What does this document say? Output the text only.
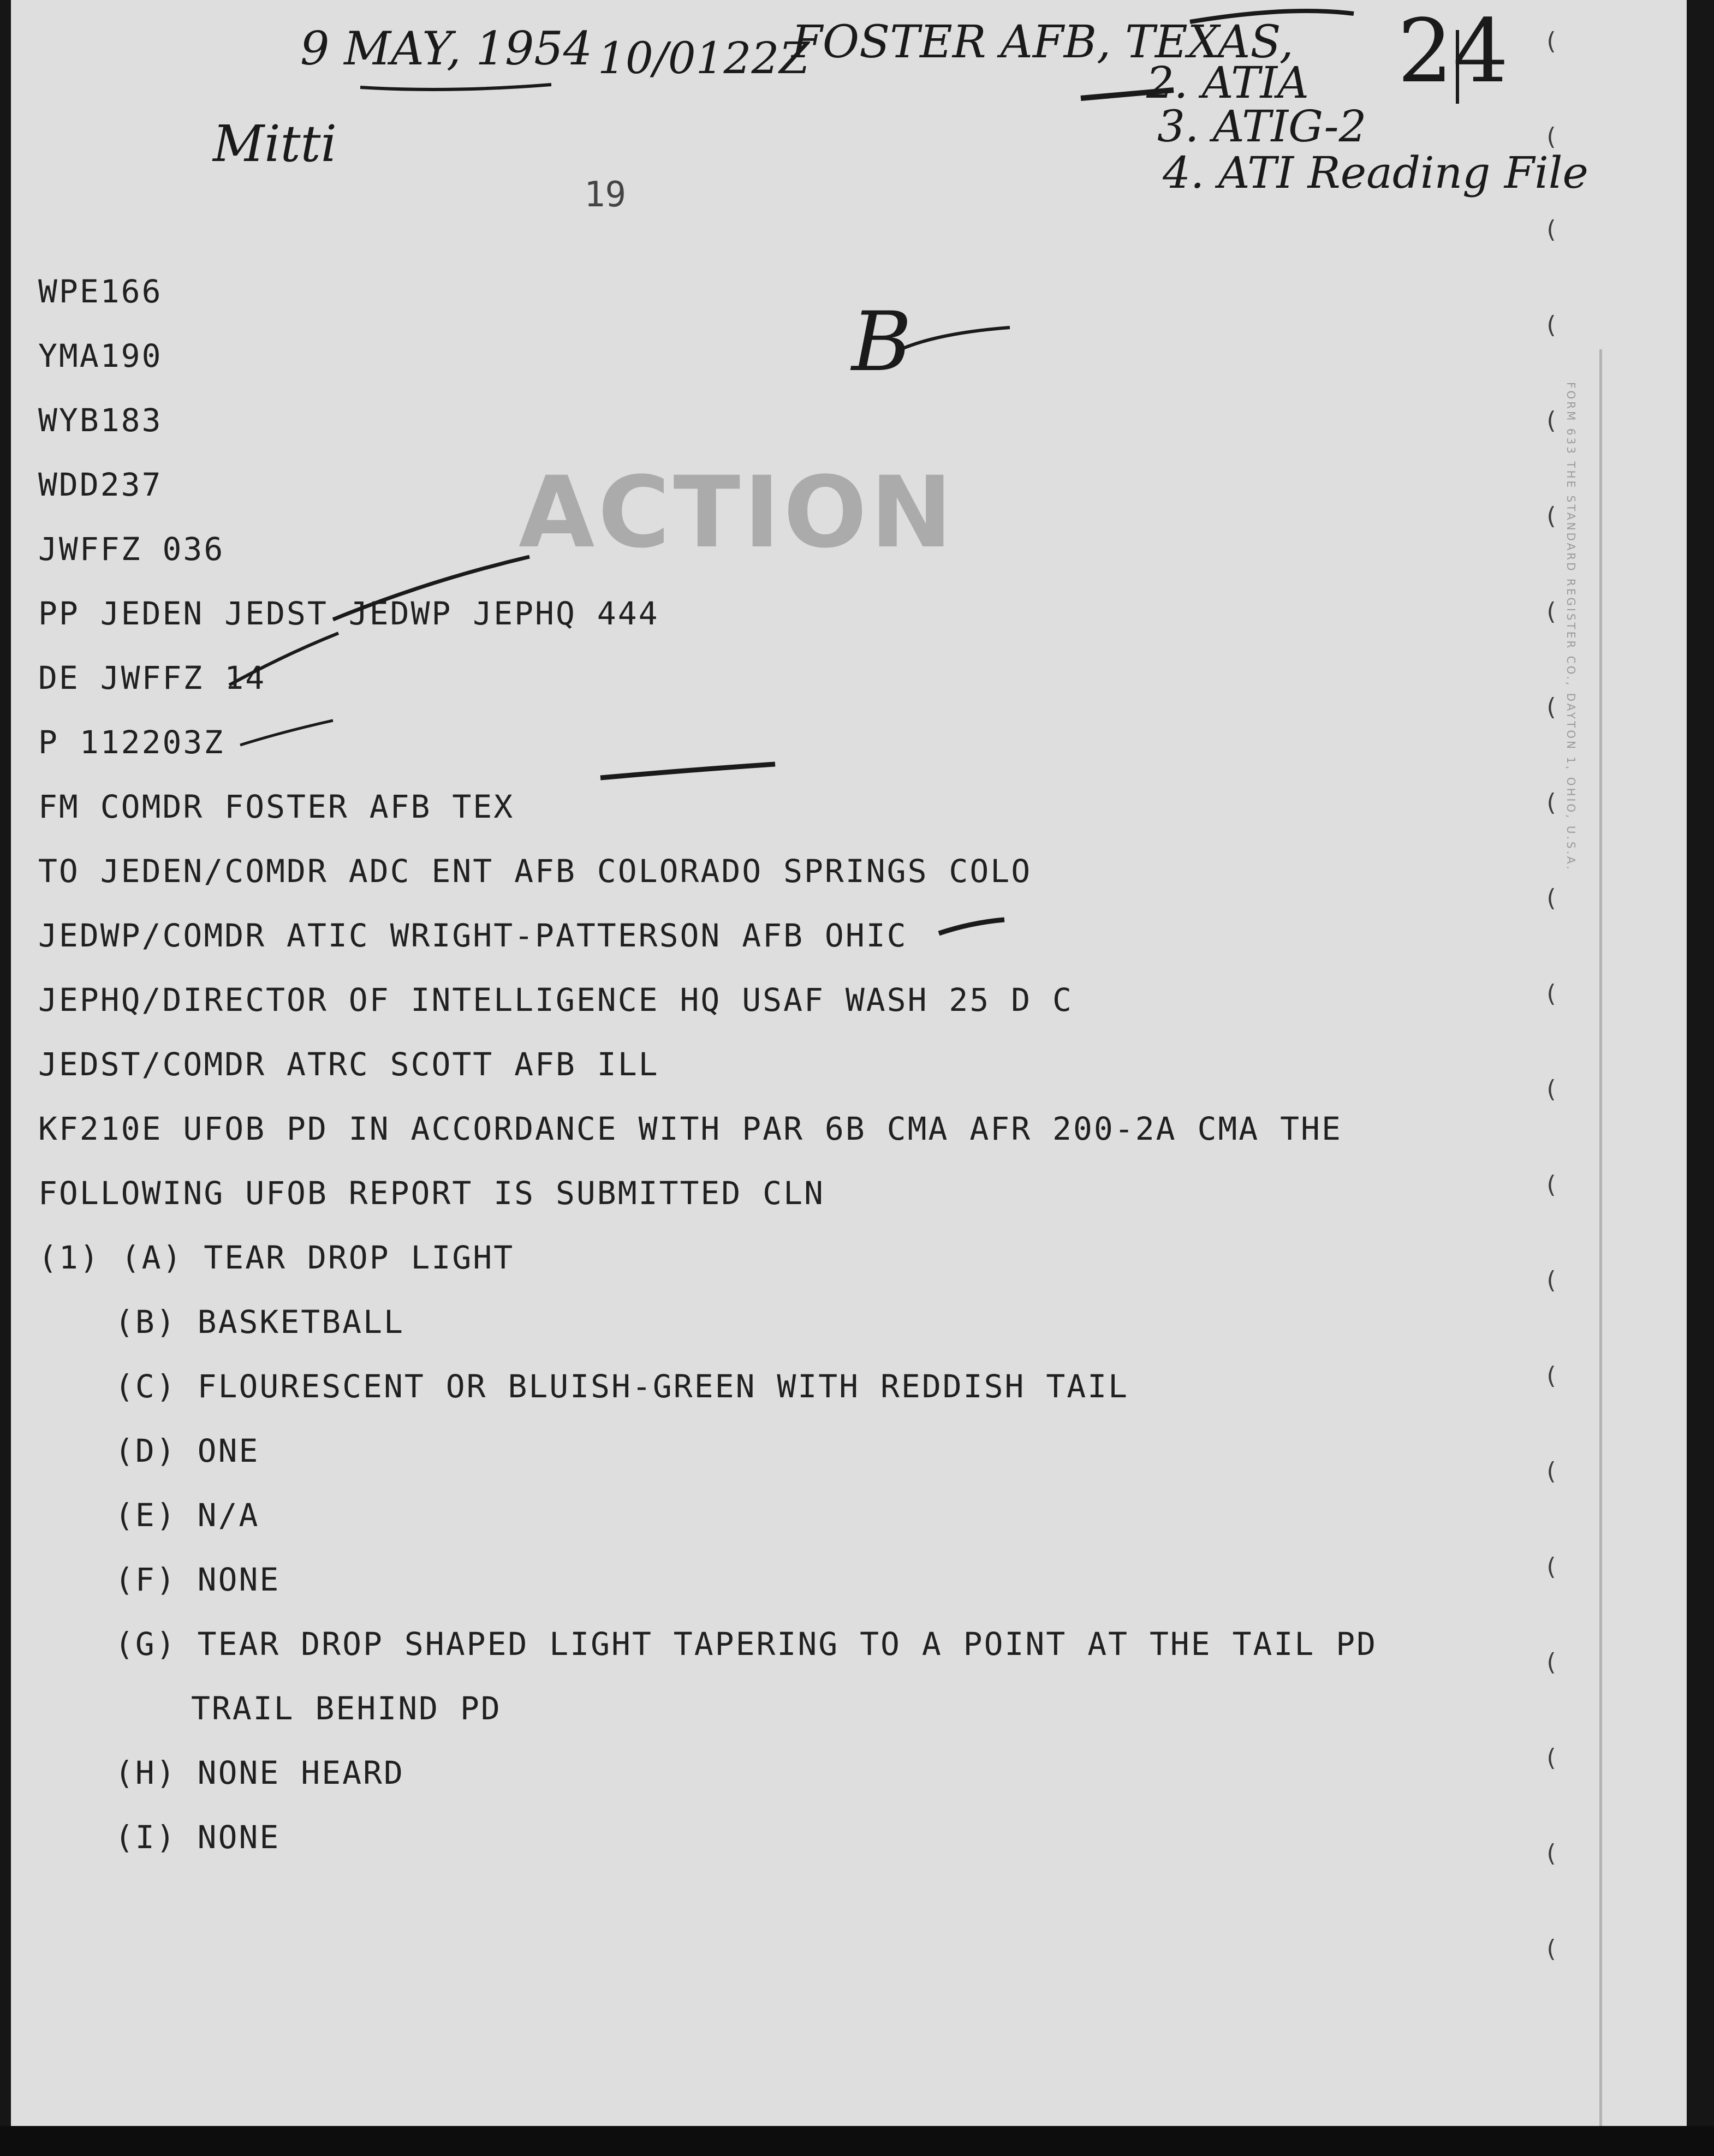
9 MAY, 1954 10/0122Z

FOSTER AFB, TEXAS, 24

Mitti

2. ATIA

3. ATIG-2

4. ATI Reading File

B

19

ACTION

WPE166

YMA190

WYB183

WDD237

JWFFZ 036

PP JEDEN JEDST JEDWP JEPHQ 444

DE JWFFZ 14

P 112203Z

FM COMDR FOSTER AFB TEX

TO JEDEN/COMDR ADC ENT AFB COLORADO SPRINGS COLO

JEDWP/COMDR ATIC WRIGHT-PATTERSON AFB OHIC

JEPHQ/DIRECTOR OF INTELLIGENCE HQ USAF WASH 25 D C

JEDST/COMDR ATRC SCOTT AFB ILL

KF210E UFOB PD IN ACCORDANCE WITH PAR 6B CMA AFR 200-2A CMA THE

FOLLOWING UFOB REPORT IS SUBMITTED CLN

(1) (A) TEAR DROP LIGHT

(B) BASKETBALL

(C) FLOURESCENT OR BLUISH-GREEN WITH REDDISH TAIL

(D) ONE

(E) N/A

(F) NONE

(G) TEAR DROP SHAPED LIGHT TAPERING TO A POINT AT THE TAIL PD

TRAIL BEHIND PD

(H) NONE HEARD

(I) NONE

FORM 633 THE STANDARD REGISTER CO., DAYTON 1, OHIO, U.S.A.
(
(
(
(
(
(
(
(
(
(
(
(
(
(
(
(
(
(
(
(
(
